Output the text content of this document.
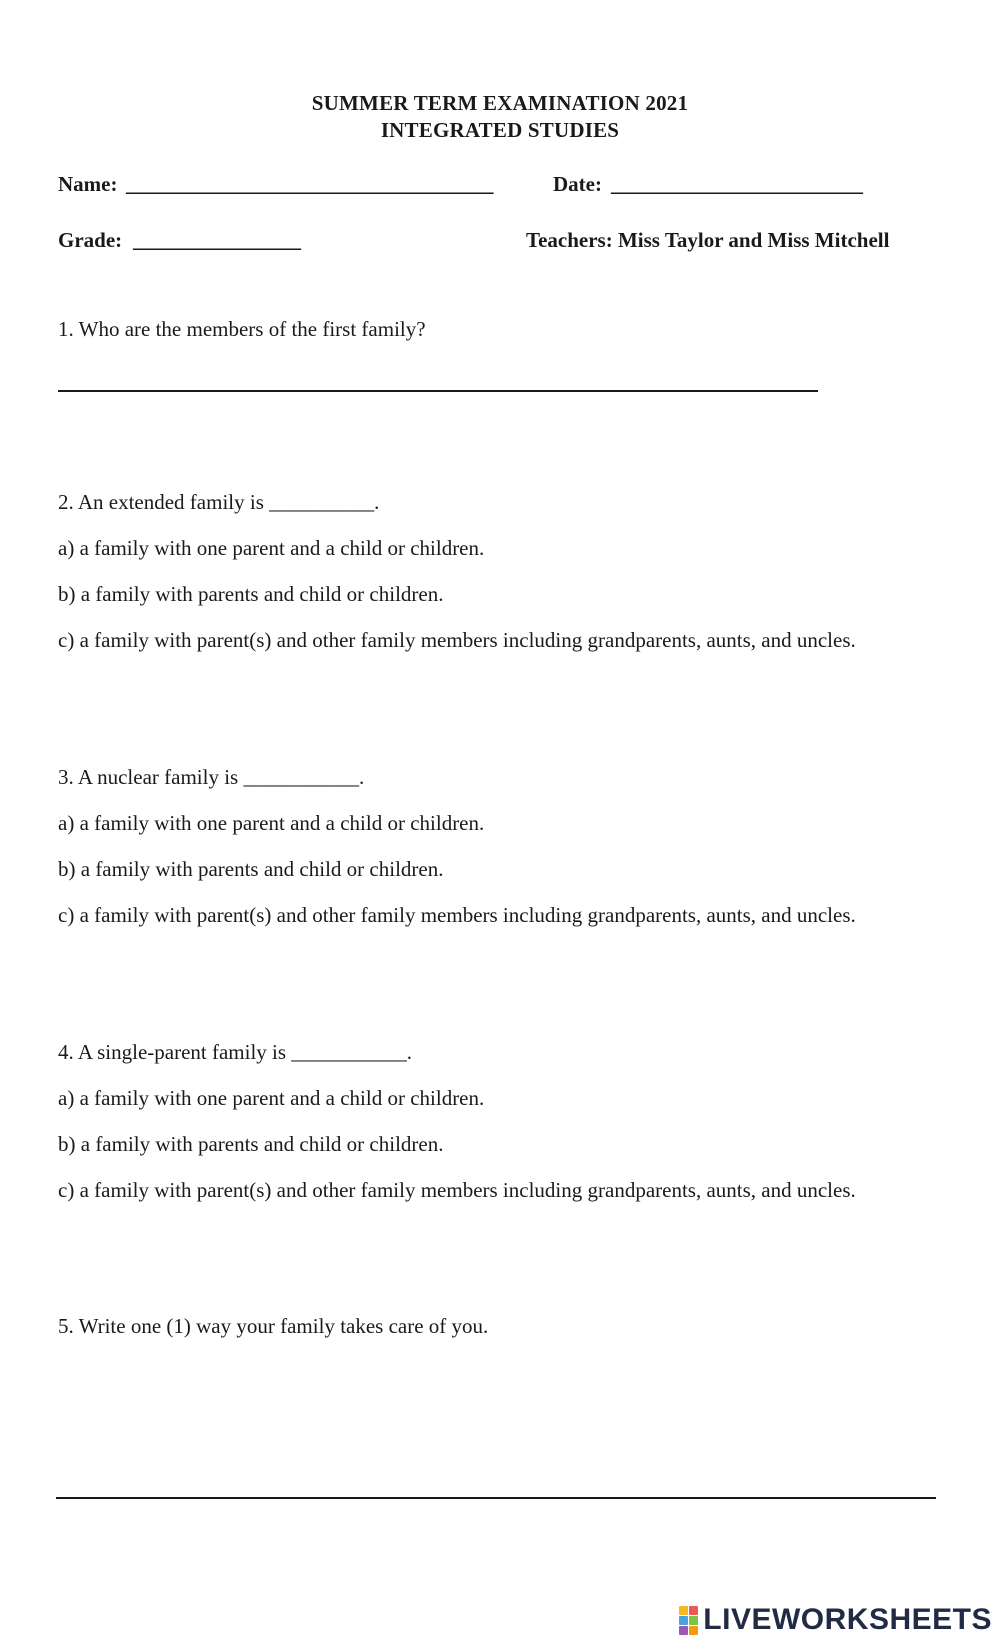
SUMMER TERM EXAMINATION 2021
INTEGRATED STUDIES
Name: ___________________________________	Date: ________________________
Grade: ________________	Teachers: Miss Taylor and Miss Mitchell
1. Who are the members of the first family?
2. An extended family is __________.
a) a family with one parent and a child or children.
b) a family with parents and child or children.
c) a family with parent(s) and other family members including grandparents, aunts, and uncles.
3. A nuclear family is ___________.
a) a family with one parent and a child or children.
b) a family with parents and child or children.
c) a family with parent(s) and other family members including grandparents, aunts, and uncles.
4. A single-parent family is ___________.
a) a family with one parent and a child or children.
b) a family with parents and child or children.
c) a family with parent(s) and other family members including grandparents, aunts, and uncles.
5. Write one (1) way your family takes care of you.
LIVEWORKSHEETS
